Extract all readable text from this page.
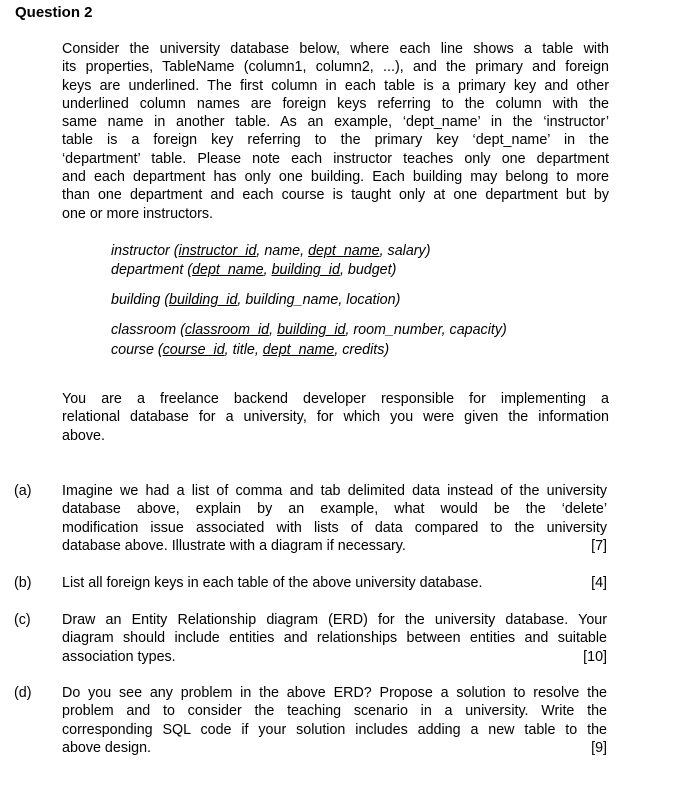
Question 2
Consider the university database below, where each line shows a table with
its properties, TableName (column1, column2, ...), and the primary and foreign
keys are underlined. The first column in each table is a primary key and other
underlined column names are foreign keys referring to the column with the
same name in another table. As an example, ‘dept_name’ in the ‘instructor’
table is a foreign key referring to the primary key ‘dept_name’ in the
‘department’ table. Please note each instructor teaches only one department
and each department has only one building. Each building may belong to more
than one department and each course is taught only at one department but by
one or more instructors.
instructor (instructor_id, name, dept_name, salary)
department (dept_name, building_id, budget)
building (building_id, building_name, location)
classroom (classroom_id, building_id, room_number, capacity)
course (course_id, title, dept_name, credits)
You are a freelance backend developer responsible for implementing a
relational database for a university, for which you were given the information
above.
(a) Imagine we had a list of comma and tab delimited data instead of the university
database above, explain by an example, what would be the ‘delete’
modification issue associated with lists of data compared to the university
database above. Illustrate with a diagram if necessary.	[7]
(b) List all foreign keys in each table of the above university database.	[4]
(c) Draw an Entity Relationship diagram (ERD) for the university database. Your
diagram should include entities and relationships between entities and suitable
association types.	[10]
(d) Do you see any problem in the above ERD? Propose a solution to resolve the
problem and to consider the teaching scenario in a university. Write the
corresponding SQL code if your solution includes adding a new table to the
above design.	[9]
